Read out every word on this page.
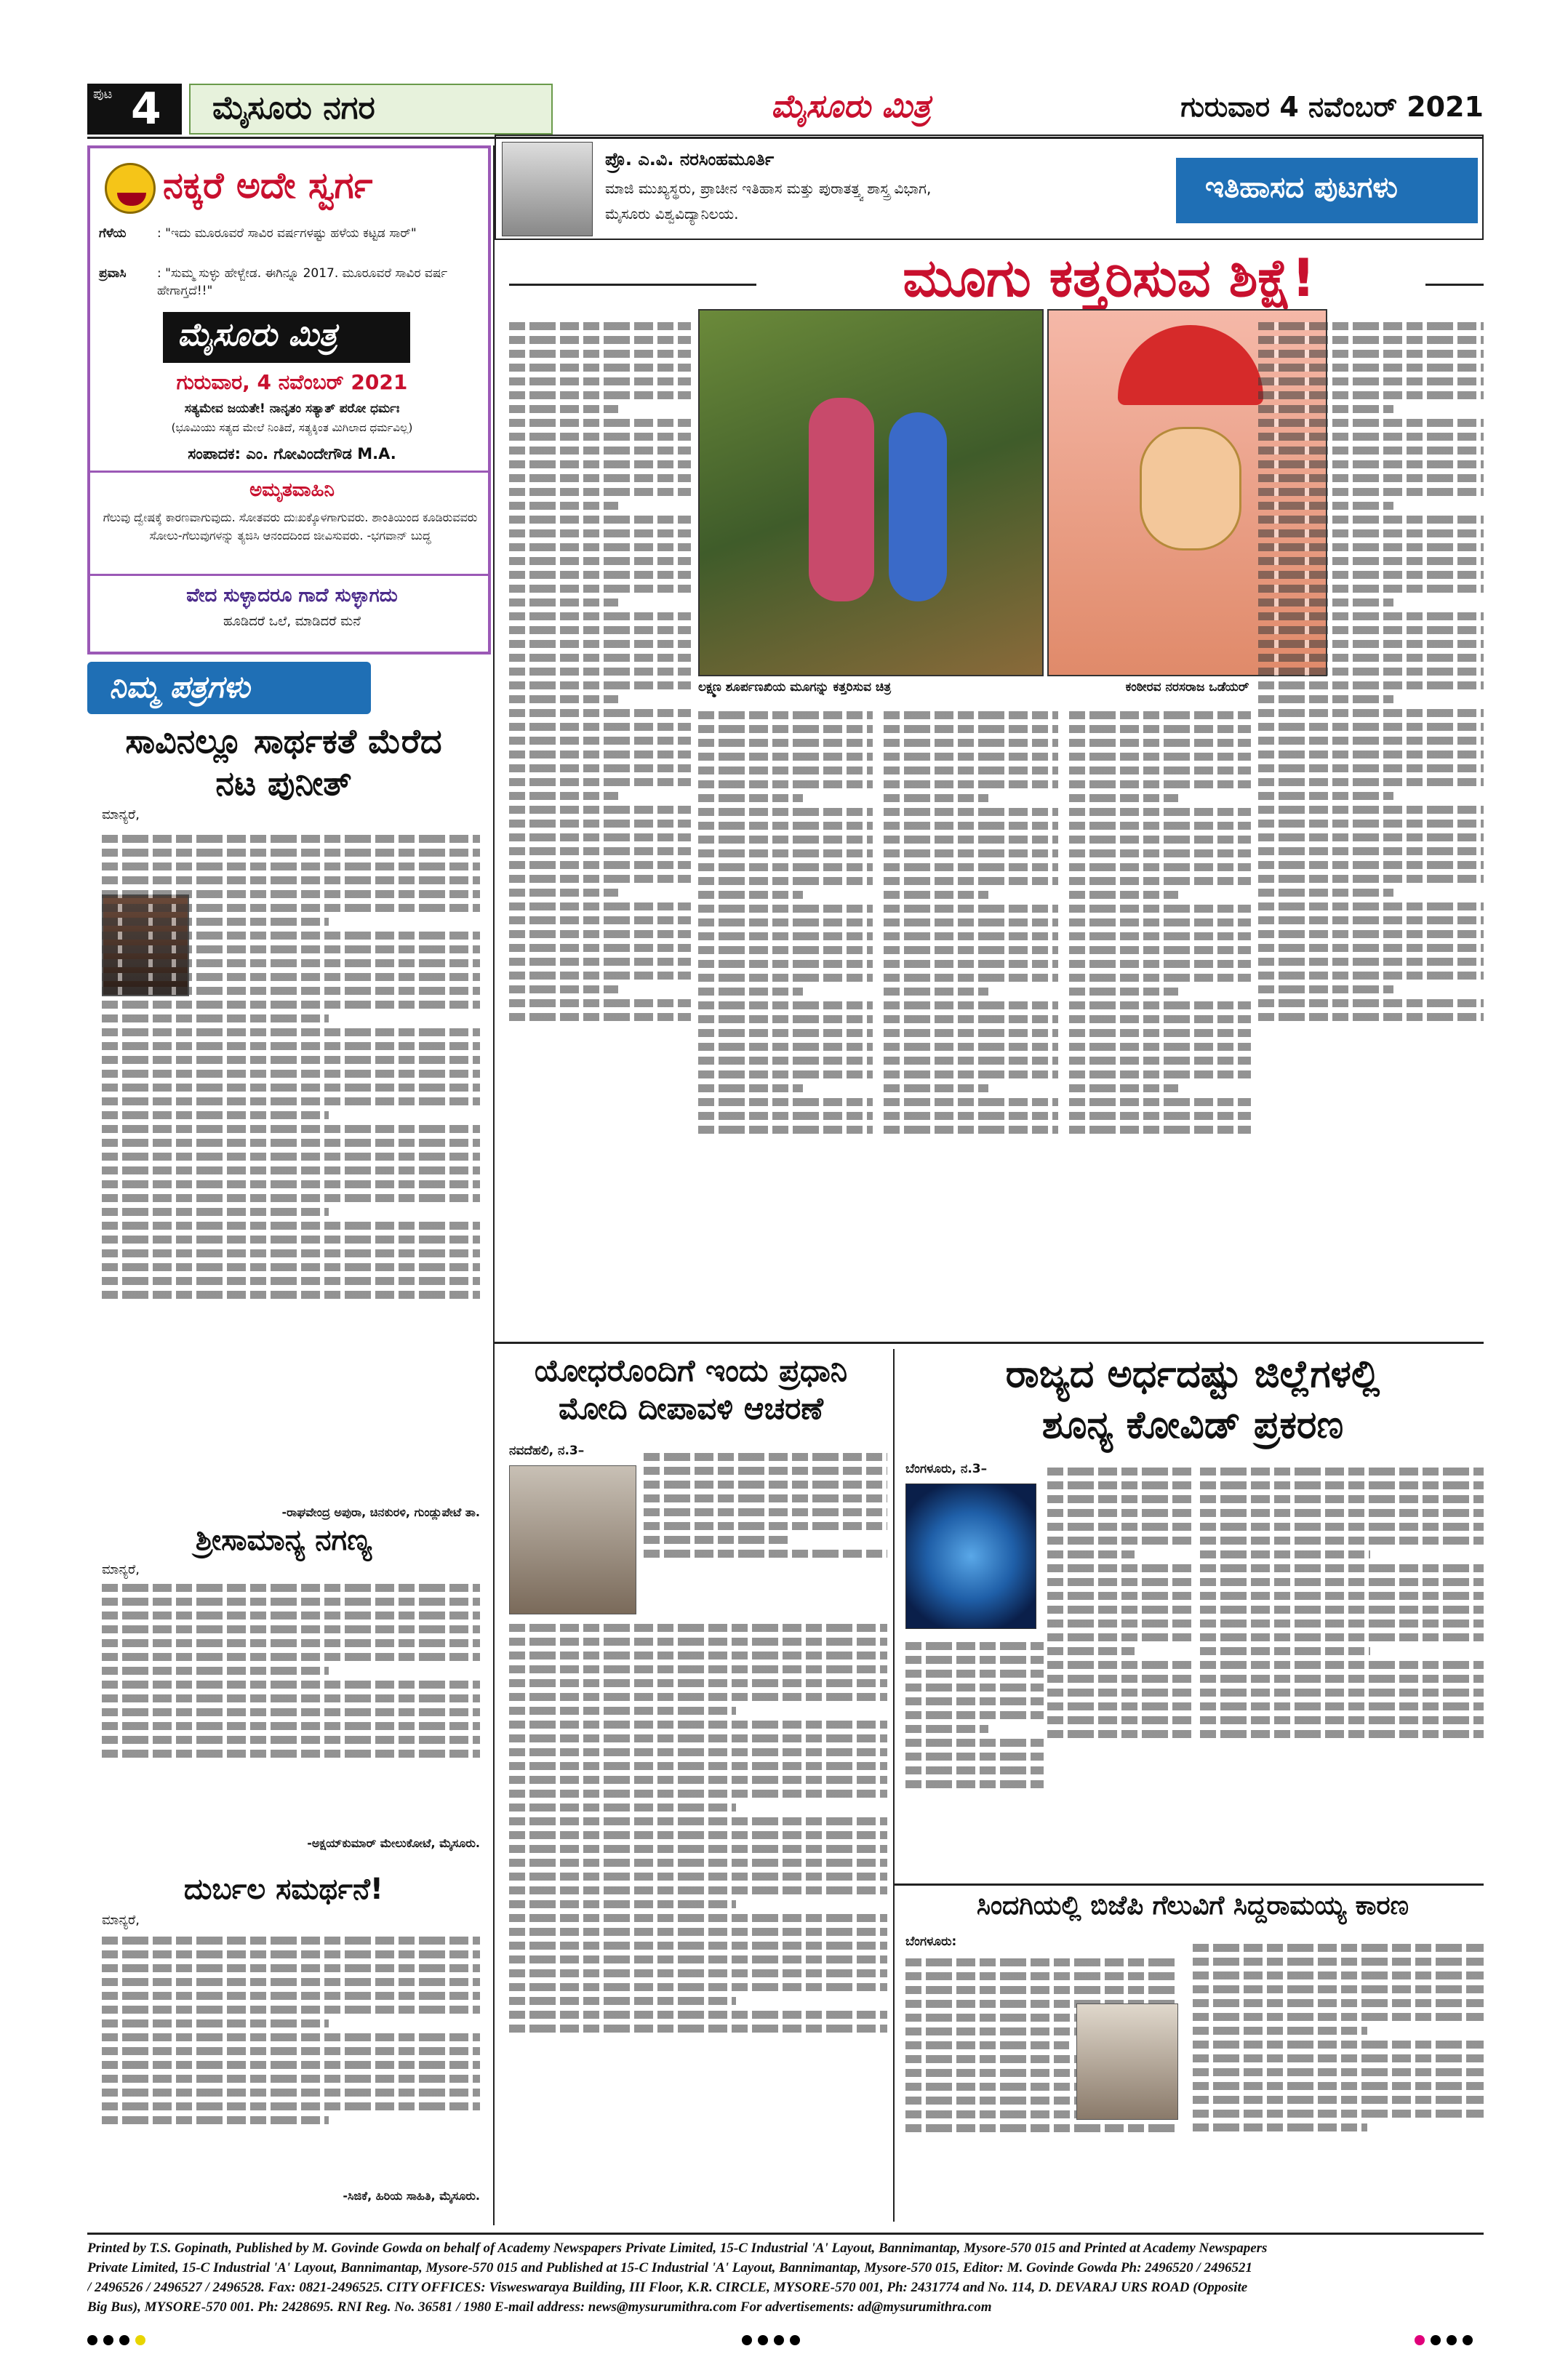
ಪುಟ 4 ಮೈಸೂರು ನಗರ	ಮೈಸೂರು ಮಿತ್ರ	ಗುರುವಾರ 4 ನವೆಂಬರ್ 2021
ನಕ್ಕರೆ ಅದೇ ಸ್ವರ್ಗ
ಗೆಳೆಯ	: "ಇದು ಮೂರೂವರೆ ಸಾವಿರ ವರ್ಷಗಳಷ್ಟು ಹಳೆಯ ಕಟ್ಟಡ ಸಾರ್"
ಪ್ರವಾಸಿ : "ಸುಮ್ಮ ಸುಳ್ಳು ಹೇಳ್ಬೇಡ. ಈಗಿನ್ನೂ 2017. ಮೂರೂವರೆ ಸಾವಿರ ವರ್ಷ ಹೇಗಾಗ್ತದೆ!!"
ಮೈಸೂರು ಮಿತ್ರ
ಗುರುವಾರ, 4 ನವೆಂಬರ್ 2021
ಸತ್ಯಮೇವ ಜಯತೇ! ನಾನೃತಂ ಸತ್ಯಾತ್ ಪರೋ ಧರ್ಮಃ
(ಭೂಮಿಯು ಸತ್ಯದ ಮೇಲೆ ನಿಂತಿದೆ, ಸತ್ಯಕ್ಕಿಂತ ಮಿಗಿಲಾದ ಧರ್ಮವಿಲ್ಲ)
ಸಂಪಾದಕ: ಎಂ. ಗೋವಿಂದೇಗೌಡ M.A.
ಅಮೃತವಾಹಿನಿ
ಗೆಲುವು ದ್ವೇಷಕ್ಕೆ ಕಾರಣವಾಗುವುದು. ಸೋತವರು ದುಃಖಕ್ಕೊಳಗಾಗುವರು. ಶಾಂತಿಯಿಂದ ಕೂಡಿರುವವರು ಸೋಲು-ಗೆಲುವುಗಳನ್ನು ತ್ಯಜಿಸಿ ಆನಂದದಿಂದ ಜೀವಿಸುವರು. -ಭಗವಾನ್ ಬುದ್ಧ
ವೇದ ಸುಳ್ಳಾದರೂ ಗಾದೆ ಸುಳ್ಳಾಗದು
ಹೂಡಿದರೆ ಒಲೆ, ಮಾಡಿದರೆ ಮನೆ
ನಿಮ್ಮ ಪತ್ರಗಳು
ಸಾವಿನಲ್ಲೂ ಸಾರ್ಥಕತೆ ಮೆರೆದ ನಟ ಪುನೀತ್
ಮಾನ್ಯರೆ,
-ರಾಘವೇಂದ್ರ ಅಪುರಾ, ಚಿನಕುರಳಿ, ಗುಂಡ್ಲುಪೇಟೆ ತಾ.
ಶ್ರೀಸಾಮಾನ್ಯ ನಗಣ್ಯ
ಮಾನ್ಯರೆ,
-ಅಕ್ಷಯ್‌ಕುಮಾರ್ ಮೇಲುಕೋಟೆ, ಮೈಸೂರು.
ದುರ್ಬಲ ಸಮರ್ಥನೆ!
ಮಾನ್ಯರೆ,
-ಸಿಜಿಕೆ, ಹಿರಿಯ ಸಾಹಿತಿ, ಮೈಸೂರು.
ಪ್ರೊ. ಎ.ವಿ. ನರಸಿಂಹಮೂರ್ತಿ
ಮಾಜಿ ಮುಖ್ಯಸ್ಥರು, ಪ್ರಾಚೀನ ಇತಿಹಾಸ ಮತ್ತು ಪುರಾತತ್ತ್ವ ಶಾಸ್ತ್ರ ವಿಭಾಗ,
ಮೈಸೂರು ವಿಶ್ವವಿದ್ಯಾನಿಲಯ.
ಇತಿಹಾಸದ ಪುಟಗಳು
ಮೂಗು ಕತ್ತರಿಸುವ ಶಿಕ್ಷೆ!
ಲಕ್ಷ್ಮಣ ಶೂರ್ಪಣಖಿಯ ಮೂಗನ್ನು ಕತ್ತರಿಸುವ ಚಿತ್ರ	ಕಂಠೀರವ ನರಸರಾಜ ಒಡೆಯರ್
ಯೋಧರೊಂದಿಗೆ ಇಂದು ಪ್ರಧಾನಿ
ಮೋದಿ ದೀಪಾವಳಿ ಆಚರಣೆ
ನವದೆಹಲಿ, ನ.3–
ರಾಜ್ಯದ ಅರ್ಧದಷ್ಟು ಜಿಲ್ಲೆಗಳಲ್ಲಿ
ಶೂನ್ಯ ಕೋವಿಡ್ ಪ್ರಕರಣ
ಬೆಂಗಳೂರು, ನ.3–
ಸಿಂದಗಿಯಲ್ಲಿ ಬಿಜೆಪಿ ಗೆಲುವಿಗೆ ಸಿದ್ದರಾಮಯ್ಯ ಕಾರಣ
ಬೆಂಗಳೂರು:
Printed by T.S. Gopinath, Published by M. Govinde Gowda on behalf of Academy Newspapers Private Limited, 15-C Industrial 'A' Layout, Bannimantap, Mysore-570 015 and Printed at Academy Newspapers
Private Limited, 15-C Industrial 'A' Layout, Bannimantap, Mysore-570 015 and Published at 15-C Industrial 'A' Layout, Bannimantap, Mysore-570 015, Editor: M. Govinde Gowda Ph: 2496520 / 2496521
/ 2496526 / 2496527 / 2496528. Fax: 0821-2496525. CITY OFFICES: Visweswaraya Building, III Floor, K.R. CIRCLE, MYSORE-570 001, Ph: 2431774 and No. 114, D. DEVARAJ URS ROAD (Opposite
Big Bus), MYSORE-570 001. Ph: 2428695. RNI Reg. No. 36581 / 1980 E-mail address: news@mysurumithra.com For advertisements: ad@mysurumithra.com
